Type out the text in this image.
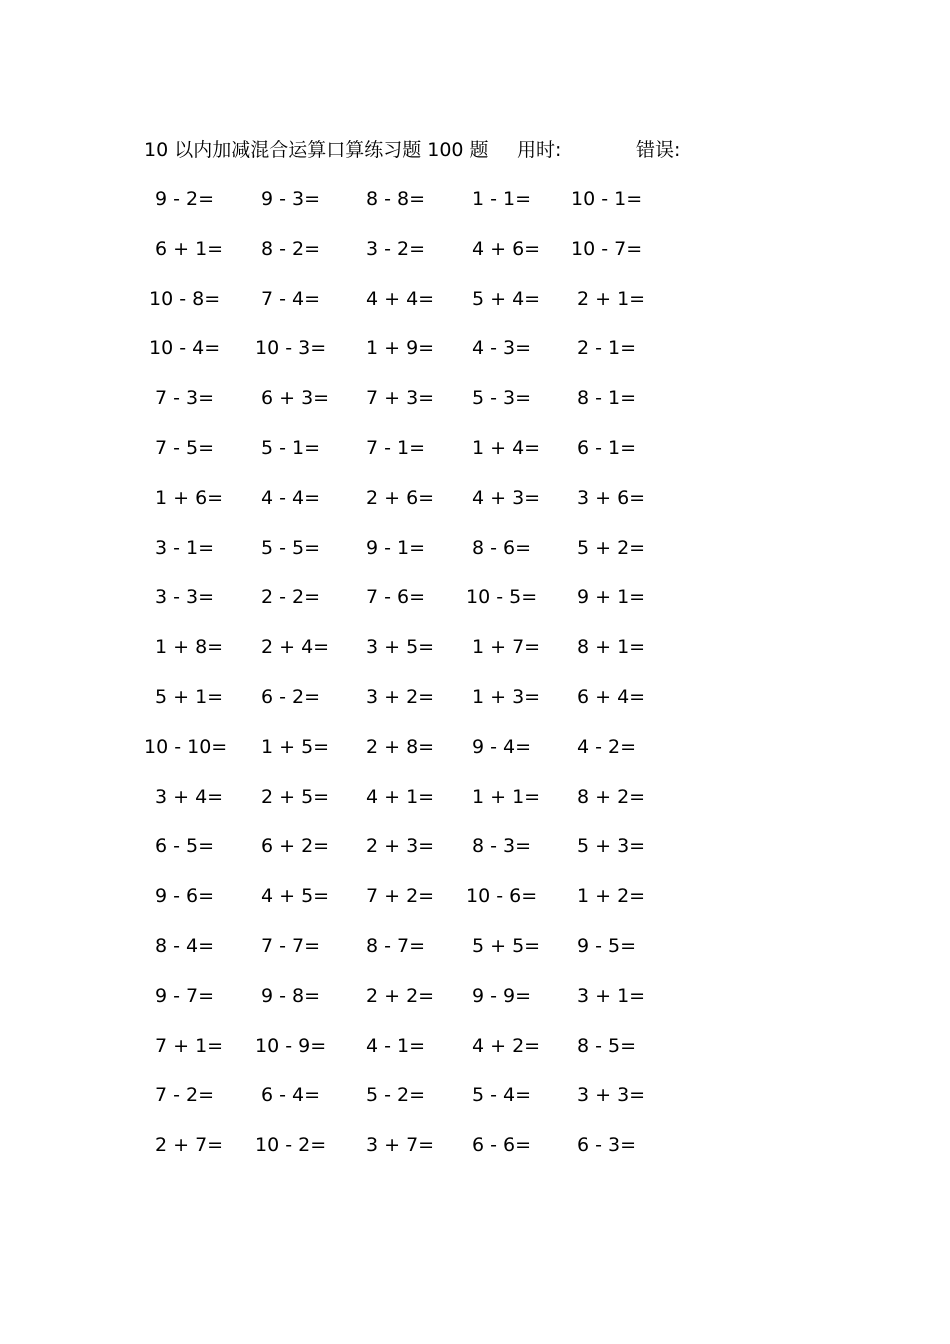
10 以内加减混合运算口算练习题 100 题 用时:	错误:
9 - 2= 9 - 3= 8 - 8= 1 - 1= 10 - 1=
6 + 1= 8 - 2= 3 - 2= 4 + 6= 10 - 7=
10 - 8= 7 - 4= 4 + 4= 5 + 4= 2 + 1=
10 - 4= 10 - 3= 1 + 9= 4 - 3= 2 - 1=
7 - 3= 6 + 3= 7 + 3= 5 - 3= 8 - 1=
7 - 5= 5 - 1= 7 - 1= 1 + 4= 6 - 1=
1 + 6= 4 - 4= 2 + 6= 4 + 3= 3 + 6=
3 - 1= 5 - 5= 9 - 1= 8 - 6= 5 + 2=
3 - 3= 2 - 2= 7 - 6= 10 - 5= 9 + 1=
1 + 8= 2 + 4= 3 + 5= 1 + 7= 8 + 1=
5 + 1= 6 - 2= 3 + 2= 1 + 3= 6 + 4=
10 - 10= 1 + 5= 2 + 8= 9 - 4= 4 - 2=
3 + 4= 2 + 5= 4 + 1= 1 + 1= 8 + 2=
6 - 5= 6 + 2= 2 + 3= 8 - 3= 5 + 3=
9 - 6= 4 + 5= 7 + 2= 10 - 6= 1 + 2=
8 - 4= 7 - 7= 8 - 7= 5 + 5= 9 - 5=
9 - 7= 9 - 8= 2 + 2= 9 - 9= 3 + 1=
7 + 1= 10 - 9= 4 - 1= 4 + 2= 8 - 5=
7 - 2= 6 - 4= 5 - 2= 5 - 4= 3 + 3=
2 + 7= 10 - 2= 3 + 7= 6 - 6= 6 - 3=
